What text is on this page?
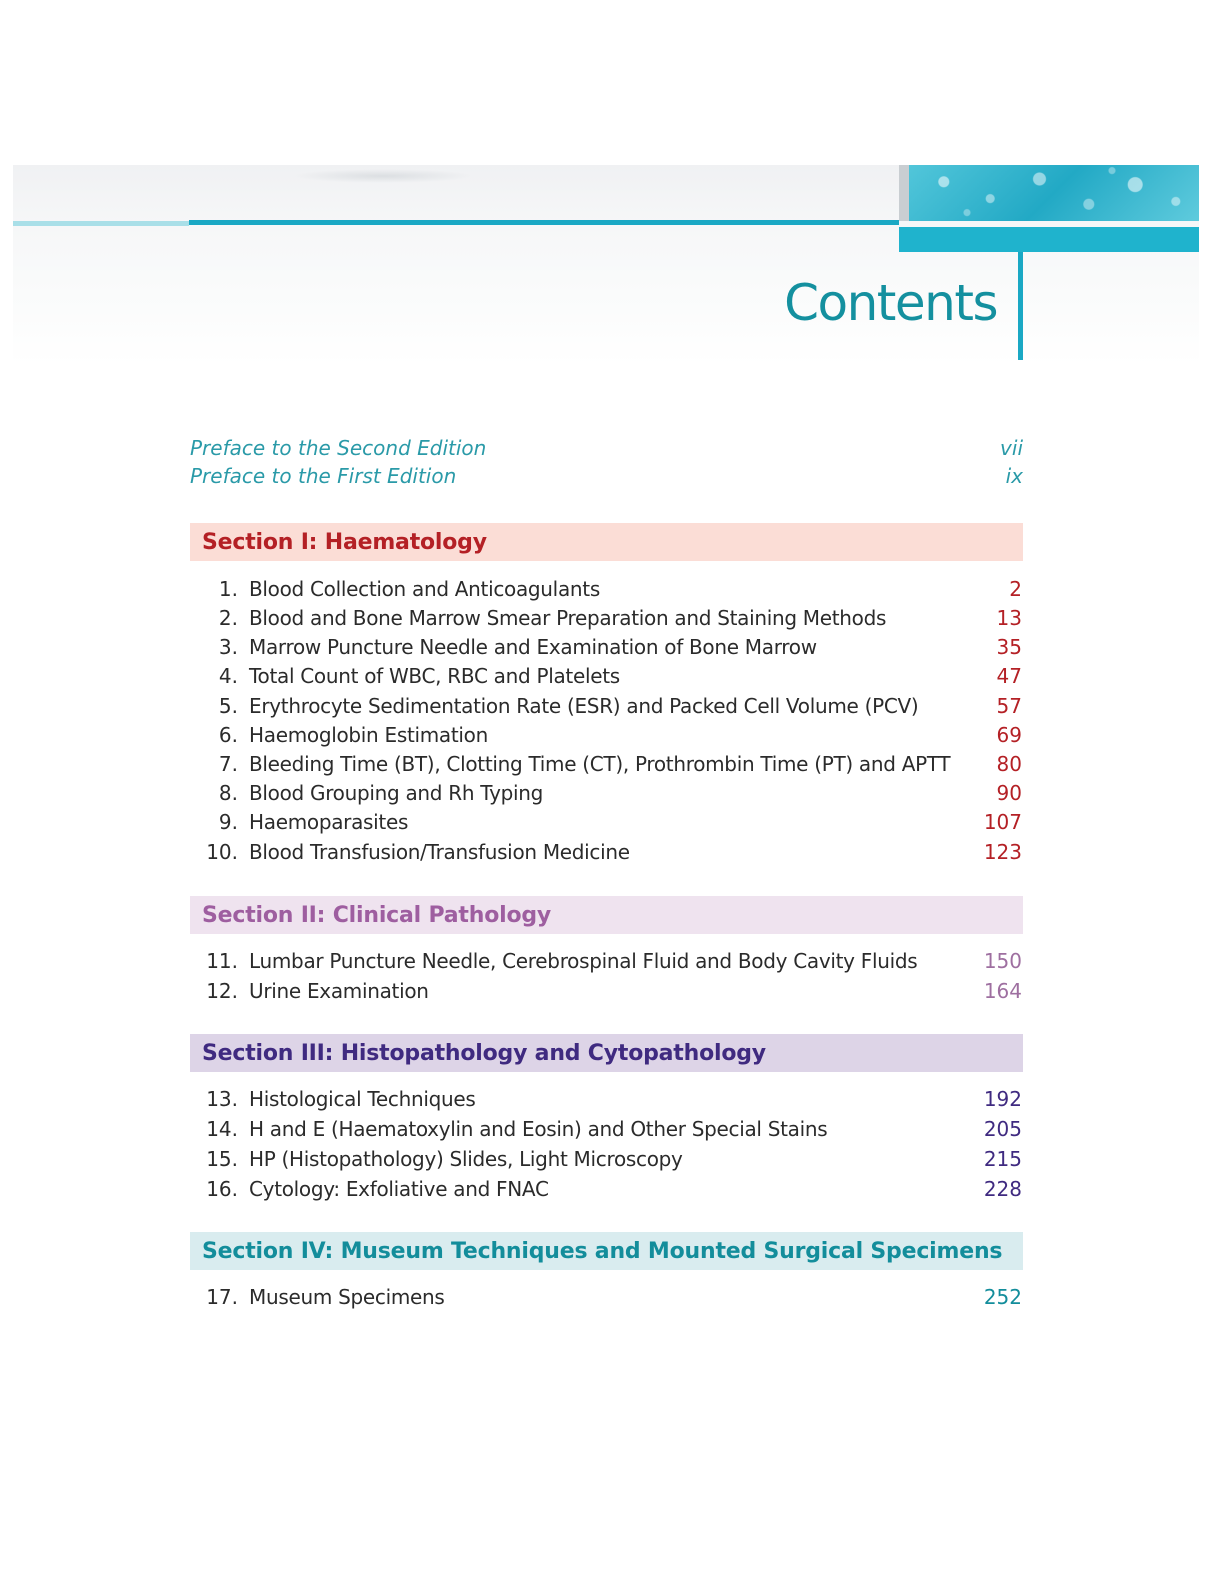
Contents
Preface to the Second Edition	vii
Preface to the First Edition	ix
Section I: Haematology
1. Blood Collection and Anticoagulants	2
2. Blood and Bone Marrow Smear Preparation and Staining Methods	13
3. Marrow Puncture Needle and Examination of Bone Marrow	35
4. Total Count of WBC, RBC and Platelets	47
5. Erythrocyte Sedimentation Rate (ESR) and Packed Cell Volume (PCV)	57
6. Haemoglobin Estimation	69
7. Bleeding Time (BT), Clotting Time (CT), Prothrombin Time (PT) and APTT 80
8. Blood Grouping and Rh Typing	90
9. Haemoparasites	107
10. Blood Transfusion/Transfusion Medicine	123
Section II: Clinical Pathology
11. Lumbar Puncture Needle, Cerebrospinal Fluid and Body Cavity Fluids	150
12. Urine Examination	164
Section III: Histopathology and Cytopathology
13. Histological Techniques	192
14. H and E (Haematoxylin and Eosin) and Other Special Stains	205
15. HP (Histopathology) Slides, Light Microscopy	215
16. Cytology: Exfoliative and FNAC	228
Section IV: Museum Techniques and Mounted Surgical Specimens
17. Museum Specimens	252
